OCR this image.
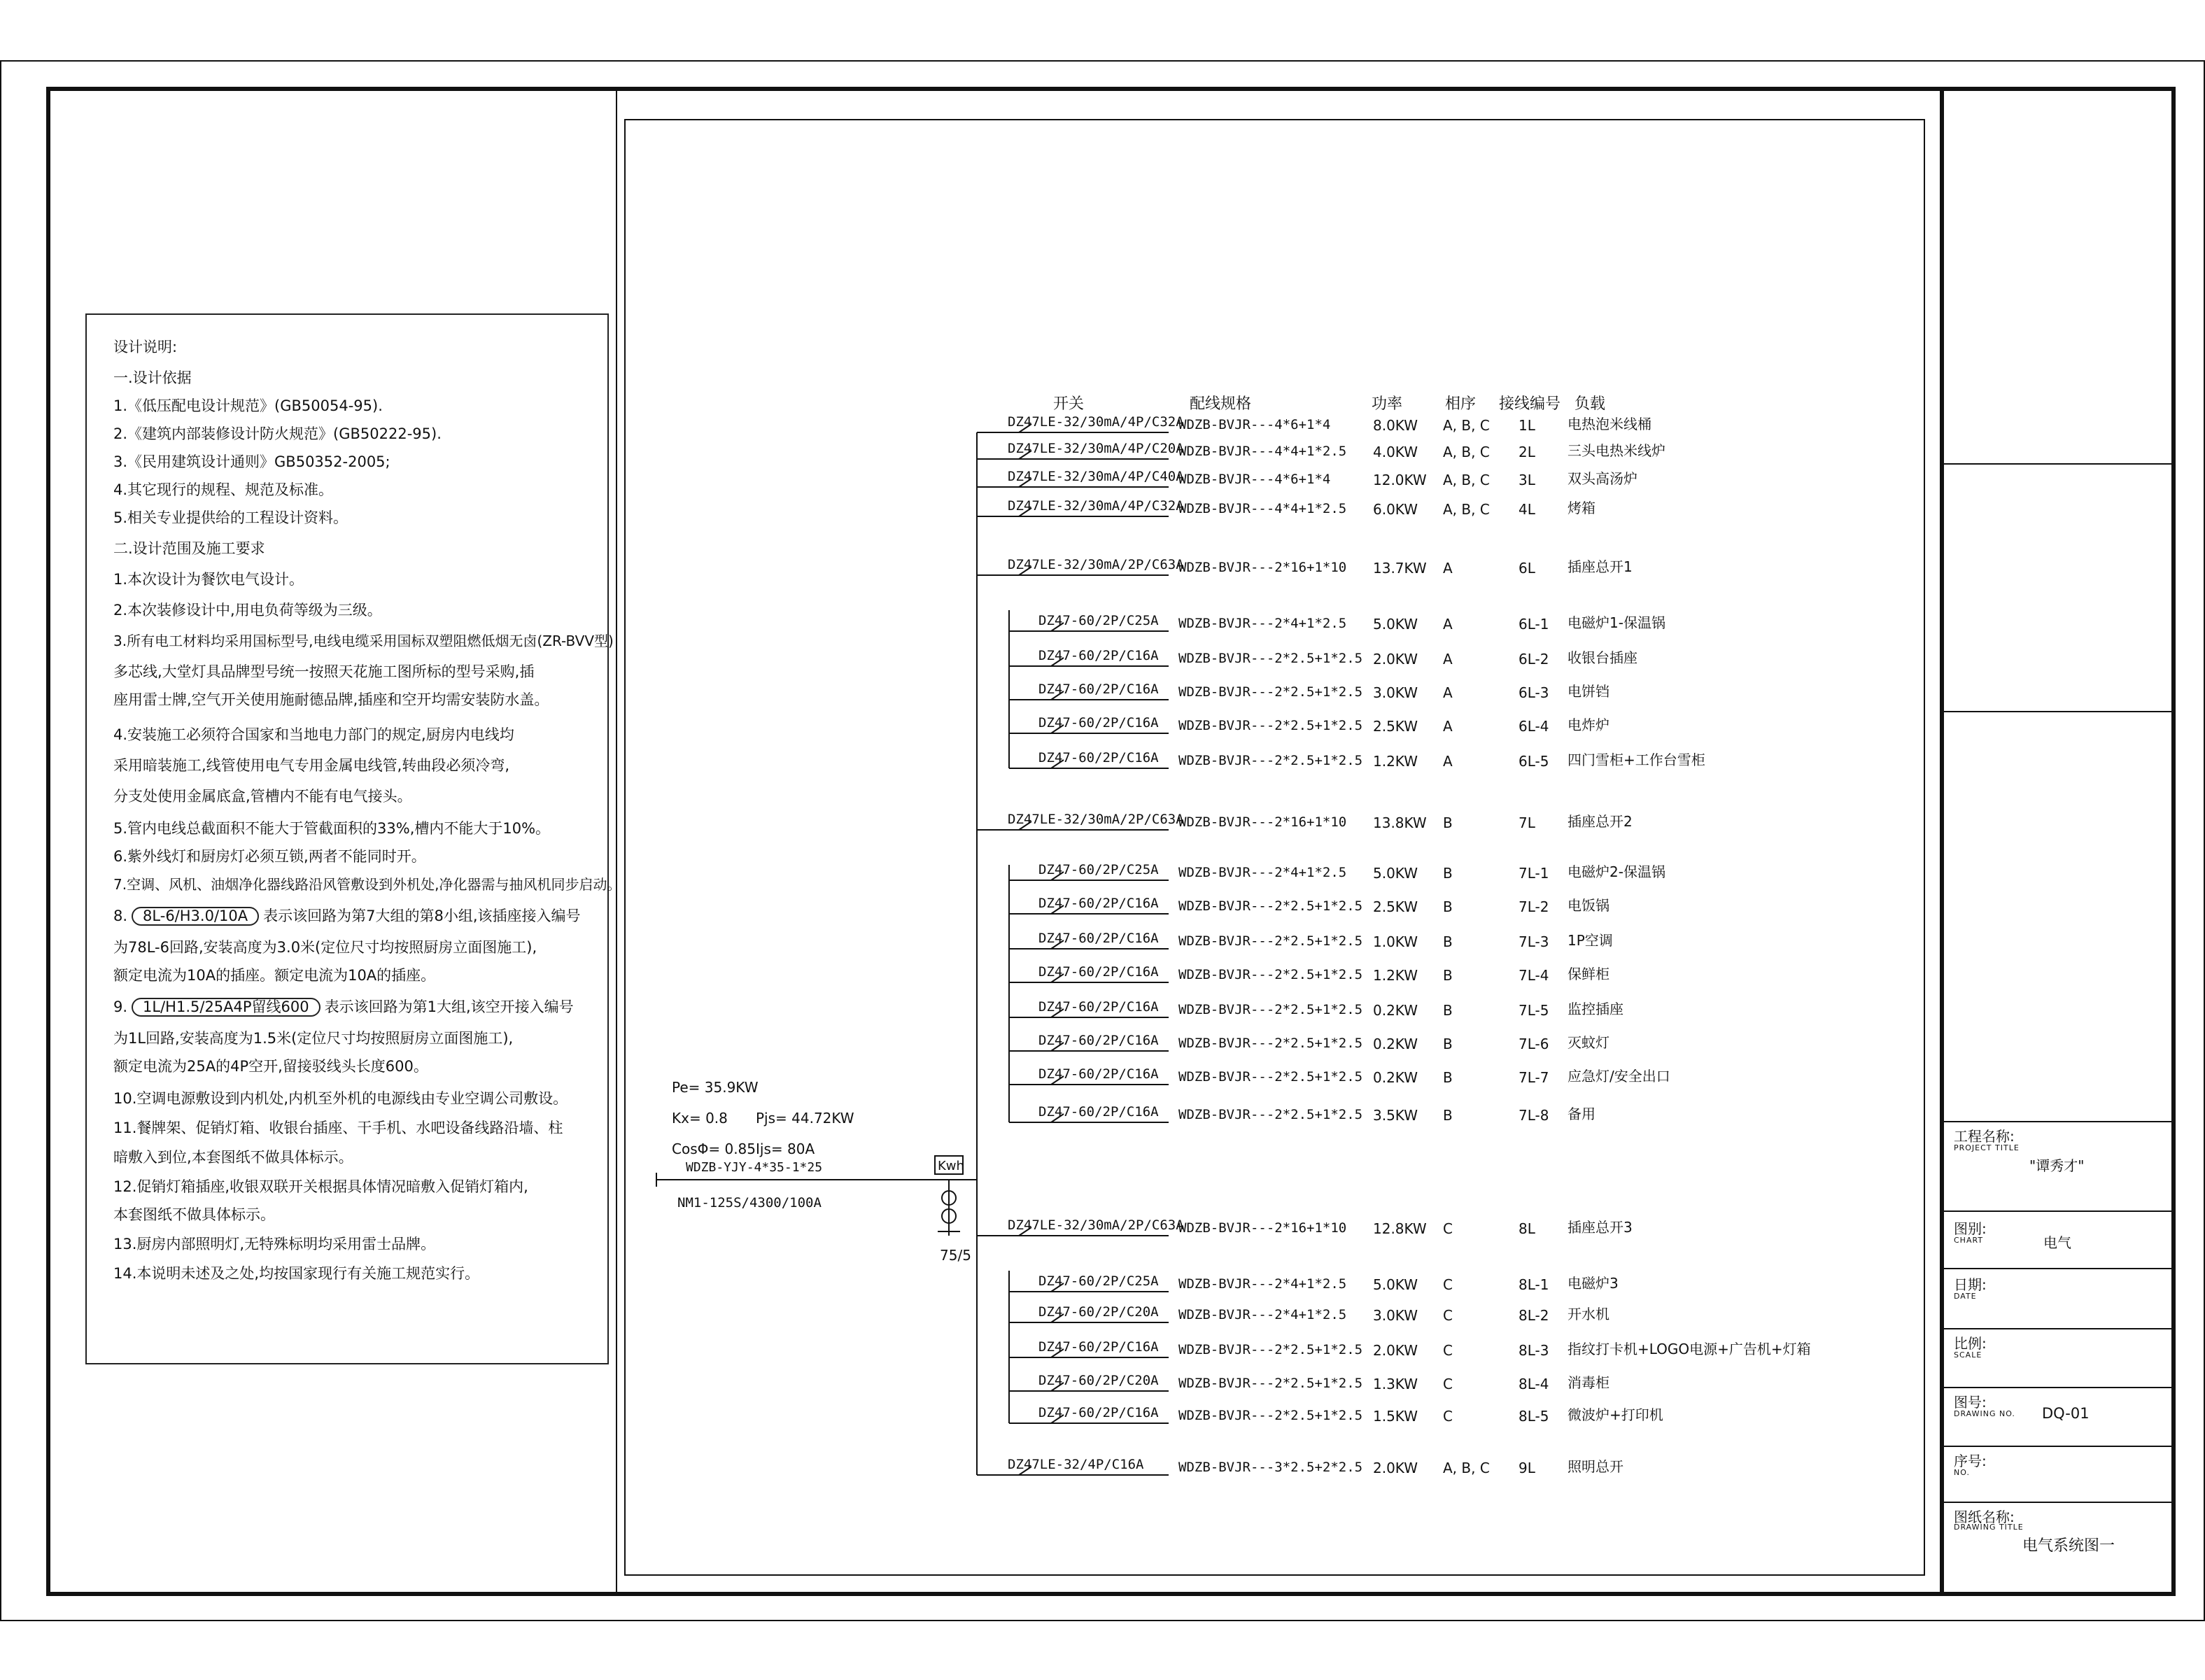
设计说明:

一.设计依据

1.《低压配电设计规范》(GB50054-95).

2.《建筑内部装修设计防火规范》(GB50222-95).

3.《民用建筑设计通则》GB50352-2005;

4.其它现行的规程、规范及标准。

5.相关专业提供给的工程设计资料。

二.设计范围及施工要求

1.本次设计为餐饮电气设计。

2.本次装修设计中,用电负荷等级为三级。

3.所有电工材料均采用国标型号,电线电缆采用国标双塑阻燃低烟无卤(ZR-BVV型)

多芯线,大堂灯具品牌型号统一按照天花施工图所标的型号采购,插

座用雷士牌,空气开关使用施耐德品牌,插座和空开均需安装防水盖。

4.安装施工必须符合国家和当地电力部门的规定,厨房内电线均

采用暗装施工,线管使用电气专用金属电线管,转曲段必须冷弯,

分支处使用金属底盒,管槽内不能有电气接头。

5.管内电线总截面积不能大于管截面积的33%,槽内不能大于10%。

6.紫外线灯和厨房灯必须互锁,两者不能同时开。

7.空调、风机、油烟净化器线路沿风管敷设到外机处,净化器需与抽风机同步启动。

8. 8L-6/H3.0/10A 表示该回路为第7大组的第8小组,该插座接入编号

为78L-6回路,安装高度为3.0米(定位尺寸均按照厨房立面图施工),

额定电流为10A的插座。额定电流为10A的插座。

9. 1L/H1.5/25A4P留线600 表示该回路为第1大组,该空开接入编号

为1L回路,安装高度为1.5米(定位尺寸均按照厨房立面图施工),

额定电流为25A的4P空开,留接驳线头长度600。

10.空调电源敷设到内机处,内机至外机的电源线由专业空调公司敷设。

11.餐牌架、促销灯箱、收银台插座、干手机、水吧设备线路沿墙、柱

暗敷入到位,本套图纸不做具体标示。

12.促销灯箱插座,收银双联开关根据具体情况暗敷入促销灯箱内,

本套图纸不做具体标示。

13.厨房内部照明灯,无特殊标明均采用雷士品牌。

14.本说明未述及之处,均按国家现行有关施工规范实行。

开关	配线规格	功率	相序 接线编号 负载
DZ47LE-32/30mA/4P/C32A
WDZB-BVJR---4*6+1*4	8.0KW A, B, C 1L 电热泡米线桶
DZ47LE-32/30mA/4P/C20A
WDZB-BVJR---4*4+1*2.5 4.0KW A, B, C 2L 三头电热米线炉
DZ47LE-32/30mA/4P/C40A
WDZB-BVJR---4*6+1*4	12.0KW A, B, C 3L 双头高汤炉
DZ47LE-32/30mA/4P/C32A
WDZB-BVJR---4*4+1*2.5 6.0KW A, B, C 4L 烤箱
DZ47LE-32/30mA/2P/C63A
WDZB-BVJR---2*16+1*10 13.7KW A	6L 插座总开1
DZ47-60/2P/C25A WDZB-BVJR---2*4+1*2.5 5.0KW A	6L-1 电磁炉1-保温锅
DZ47-60/2P/C16A WDZB-BVJR---2*2.5+1*2.5 2.0KW A	6L-2 收银台插座
DZ47-60/2P/C16A WDZB-BVJR---2*2.5+1*2.5 3.0KW A	6L-3 电饼铛
DZ47-60/2P/C16A WDZB-BVJR---2*2.5+1*2.5 2.5KW A	6L-4 电炸炉
DZ47-60/2P/C16A WDZB-BVJR---2*2.5+1*2.5 1.2KW A	6L-5 四门雪柜+工作台雪柜
DZ47LE-32/30mA/2P/C63A
WDZB-BVJR---2*16+1*10 13.8KW B	7L 插座总开2
DZ47-60/2P/C25A WDZB-BVJR---2*4+1*2.5 5.0KW B	7L-1 电磁炉2-保温锅
DZ47-60/2P/C16A WDZB-BVJR---2*2.5+1*2.5 2.5KW B	7L-2 电饭锅
DZ47-60/2P/C16A WDZB-BVJR---2*2.5+1*2.5 1.0KW B	7L-3 1P空调
DZ47-60/2P/C16A WDZB-BVJR---2*2.5+1*2.5 1.2KW B	7L-4 保鲜柜
DZ47-60/2P/C16A WDZB-BVJR---2*2.5+1*2.5 0.2KW B	7L-5 监控插座
DZ47-60/2P/C16A WDZB-BVJR---2*2.5+1*2.5 0.2KW B	7L-6 灭蚊灯
DZ47-60/2P/C16A WDZB-BVJR---2*2.5+1*2.5 0.2KW B	7L-7 应急灯/安全出口
DZ47-60/2P/C16A WDZB-BVJR---2*2.5+1*2.5 3.5KW B	7L-8 备用
DZ47LE-32/30mA/2P/C63A
WDZB-BVJR---2*16+1*10 12.8KW C	8L 插座总开3
DZ47-60/2P/C25A WDZB-BVJR---2*4+1*2.5 5.0KW C	8L-1 电磁炉3
DZ47-60/2P/C20A WDZB-BVJR---2*4+1*2.5 3.0KW C	8L-2 开水机
DZ47-60/2P/C16A WDZB-BVJR---2*2.5+1*2.5 2.0KW C	8L-3 指纹打卡机+LOGO电源+广告机+灯箱
DZ47-60/2P/C20A WDZB-BVJR---2*2.5+1*2.5 1.3KW C	8L-4 消毒柜
DZ47-60/2P/C16A WDZB-BVJR---2*2.5+1*2.5 1.5KW C	8L-5 微波炉+打印机
DZ47LE-32/4P/C16A	WDZB-BVJR---3*2.5+2*2.5 2.0KW A, B, C 9L 照明总开
Pe= 35.9KW
Kx= 0.8 Pjs= 44.72KW
CosΦ= 0.85 Ijs= 80A
WDZB-YJY-4*35-1*25
NM1-125S/4300/100A
Kwh
75/5
工程名称:
PROJECT TITLE
"谭秀才"
图别:
CHART	电气
日期:
DATE
比例:
SCALE
图号:
DRAWING NO. DQ-01
序号:
NO.
图纸名称:
DRAWING TITLE
电气系统图一
